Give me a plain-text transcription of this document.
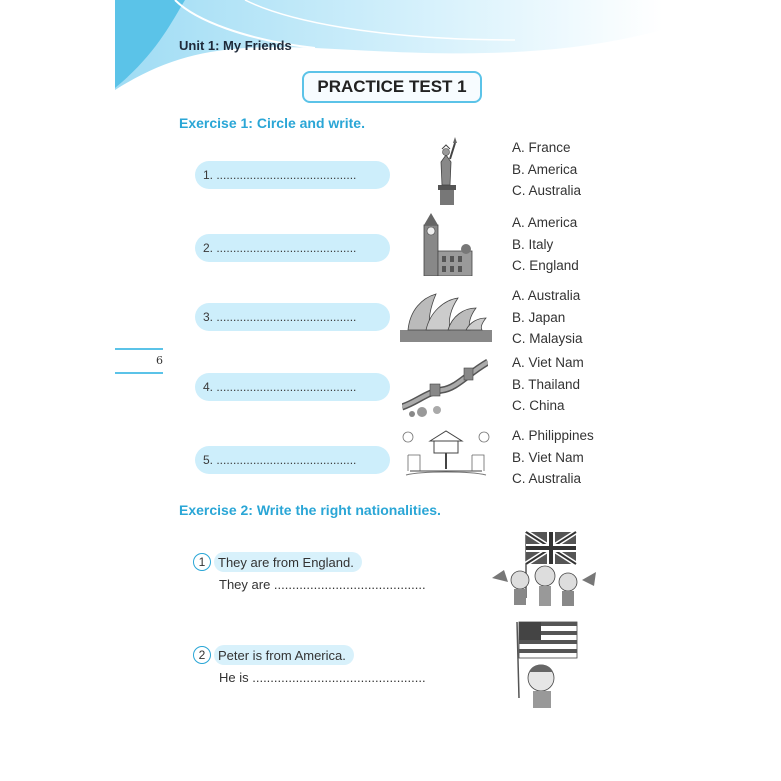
Unit 1: My Friends
PRACTICE TEST 1
Exercise 1: Circle and write.
1. ..........................................
A. France
B. America
C. Australia
2. ..........................................
A. America
B. Italy
C. England
3. ..........................................
A. Australia
B. Japan
C. Malaysia
6
4. ..........................................
A. Viet Nam
B. Thailand
C. China
5. ..........................................
A. Philippines
B. Viet Nam
C. Australia
Exercise 2: Write the right nationalities.
1 They are from England.
They are ..........................................
2 Peter is from America.
He is ................................................
